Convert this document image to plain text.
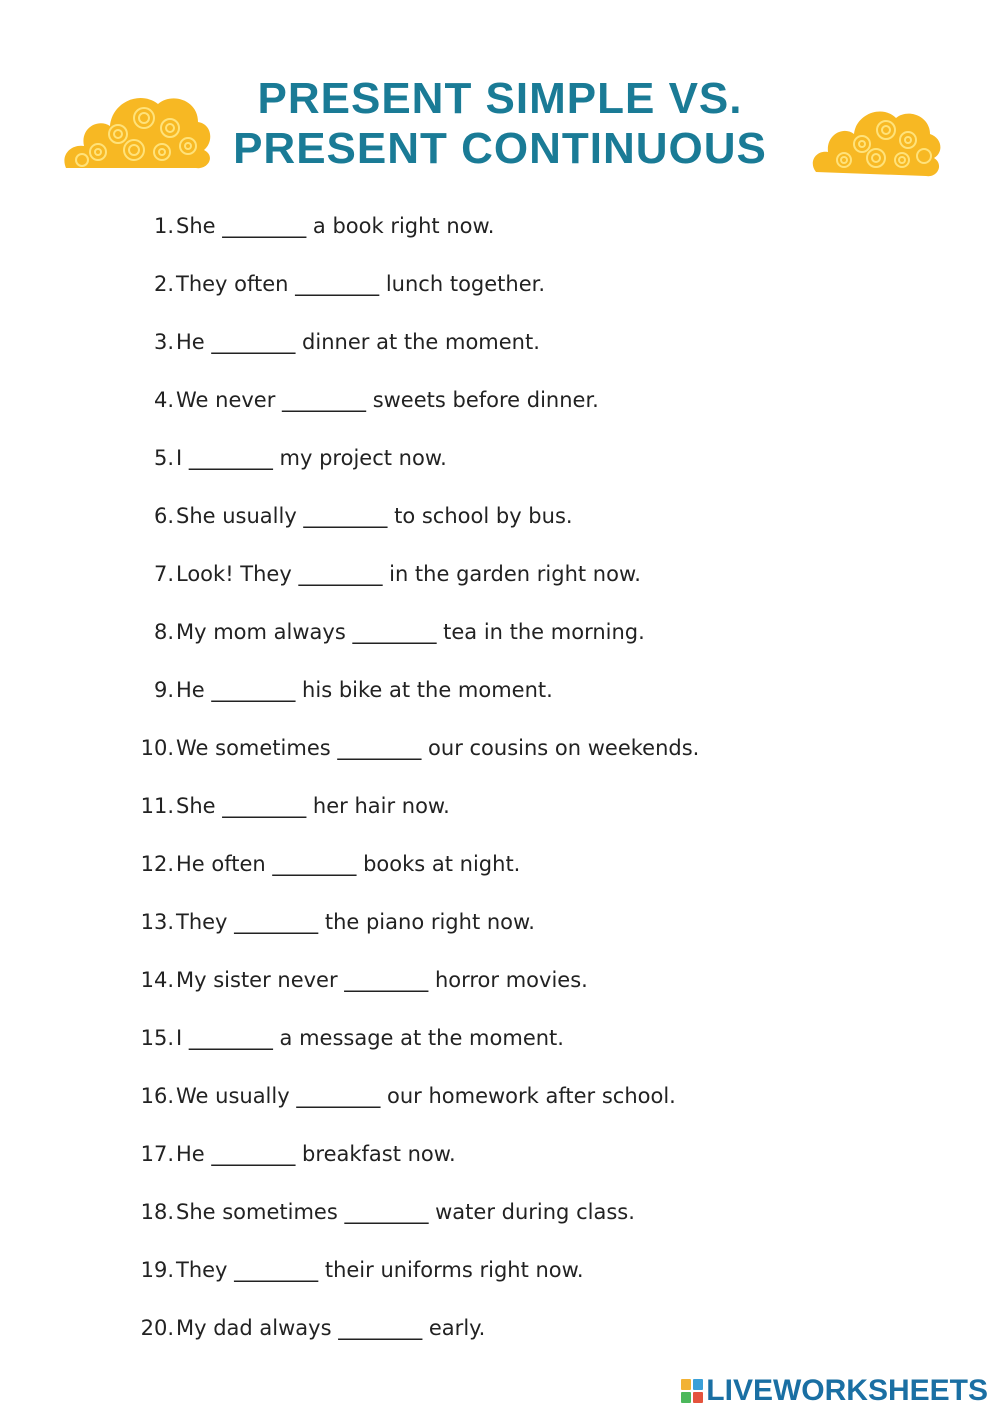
PRESENT SIMPLE VS.
PRESENT CONTINUOUS
1. She ________ a book right now.
2. They often ________ lunch together.
3. He ________ dinner at the moment.
4. We never ________ sweets before dinner.
5. I ________ my project now.
6. She usually ________ to school by bus.
7. Look! They ________ in the garden right now.
8. My mom always ________ tea in the morning.
9. He ________ his bike at the moment.
10. We sometimes ________ our cousins on weekends.
11. She ________ her hair now.
12. He often ________ books at night.
13. They ________ the piano right now.
14. My sister never ________ horror movies.
15. I ________ a message at the moment.
16. We usually ________ our homework after school.
17. He ________ breakfast now.
18. She sometimes ________ water during class.
19. They ________ their uniforms right now.
20. My dad always ________ early.
LIVEWORKSHEETS
